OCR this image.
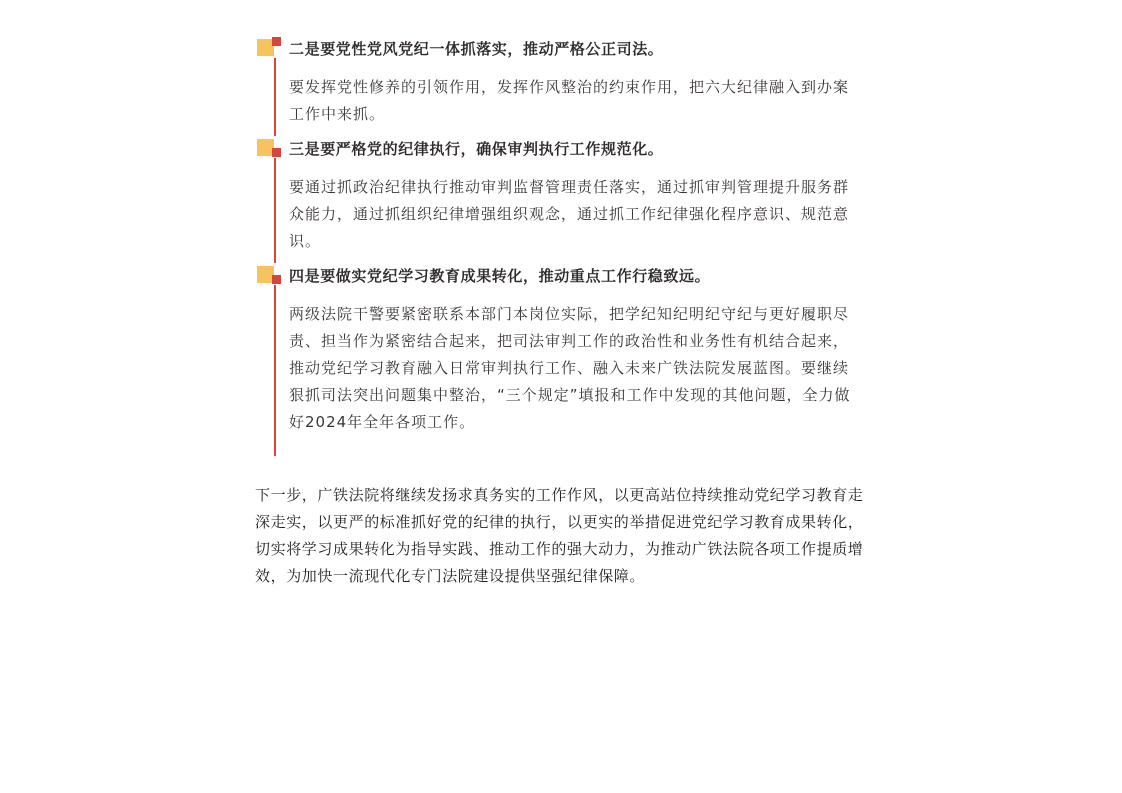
二是要党性党风党纪一体抓落实，推动严格公正司法。

要发挥党性修养的引领作用，发挥作风整治的约束作用，把六大纪律融入到办案工作中来抓。

三是要严格党的纪律执行，确保审判执行工作规范化。

要通过抓政治纪律执行推动审判监督管理责任落实，通过抓审判管理提升服务群众能力，通过抓组织纪律增强组织观念，通过抓工作纪律强化程序意识、规范意识。

四是要做实党纪学习教育成果转化，推动重点工作行稳致远。

两级法院干警要紧密联系本部门本岗位实际，把学纪知纪明纪守纪与更好履职尽责、担当作为紧密结合起来，把司法审判工作的政治性和业务性有机结合起来，推动党纪学习教育融入日常审判执行工作、融入未来广铁法院发展蓝图。要继续狠抓司法突出问题集中整治，“三个规定”填报和工作中发现的其他问题，全力做好2024年全年各项工作。

下一步，广铁法院将继续发扬求真务实的工作作风，以更高站位持续推动党纪学习教育走深走实，以更严的标准抓好党的纪律的执行，以更实的举措促进党纪学习教育成果转化，切实将学习成果转化为指导实践、推动工作的强大动力，为推动广铁法院各项工作提质增效，为加快一流现代化专门法院建设提供坚强纪律保障。
